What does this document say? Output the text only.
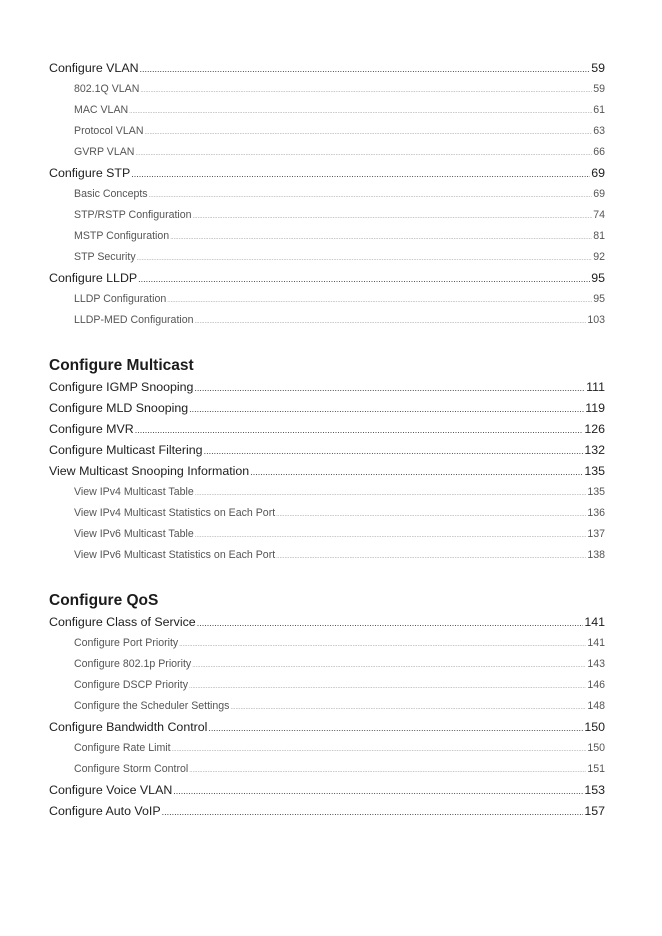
Configure VLAN .....	59
802.1Q VLAN .....	59
MAC VLAN .....	61
Protocol VLAN .....	63
GVRP VLAN .....	66
Configure STP .....	69
Basic Concepts .....	69
STP/RSTP Configuration .....	74
MSTP Configuration .....	81
STP Security .....	92
Configure LLDP .....	95
LLDP Configuration .....	95
LLDP-MED Configuration .....	103
Configure Multicast
Configure IGMP Snooping .....	111
Configure MLD Snooping .....	119
Configure MVR .....	126
Configure Multicast Filtering .....	132
View Multicast Snooping Information .....	135
View IPv4 Multicast Table .....	135
View IPv4 Multicast Statistics on Each Port .....	136
View IPv6 Multicast Table .....	137
View IPv6 Multicast Statistics on Each Port .....	138
Configure QoS
Configure Class of Service .....	141
Configure Port Priority .....	141
Configure 802.1p Priority .....	143
Configure DSCP Priority .....	146
Configure the Scheduler Settings .....	148
Configure Bandwidth Control .....	150
Configure Rate Limit .....	150
Configure Storm Control .....	151
Configure Voice VLAN .....	153
Configure Auto VoIP .....	157
